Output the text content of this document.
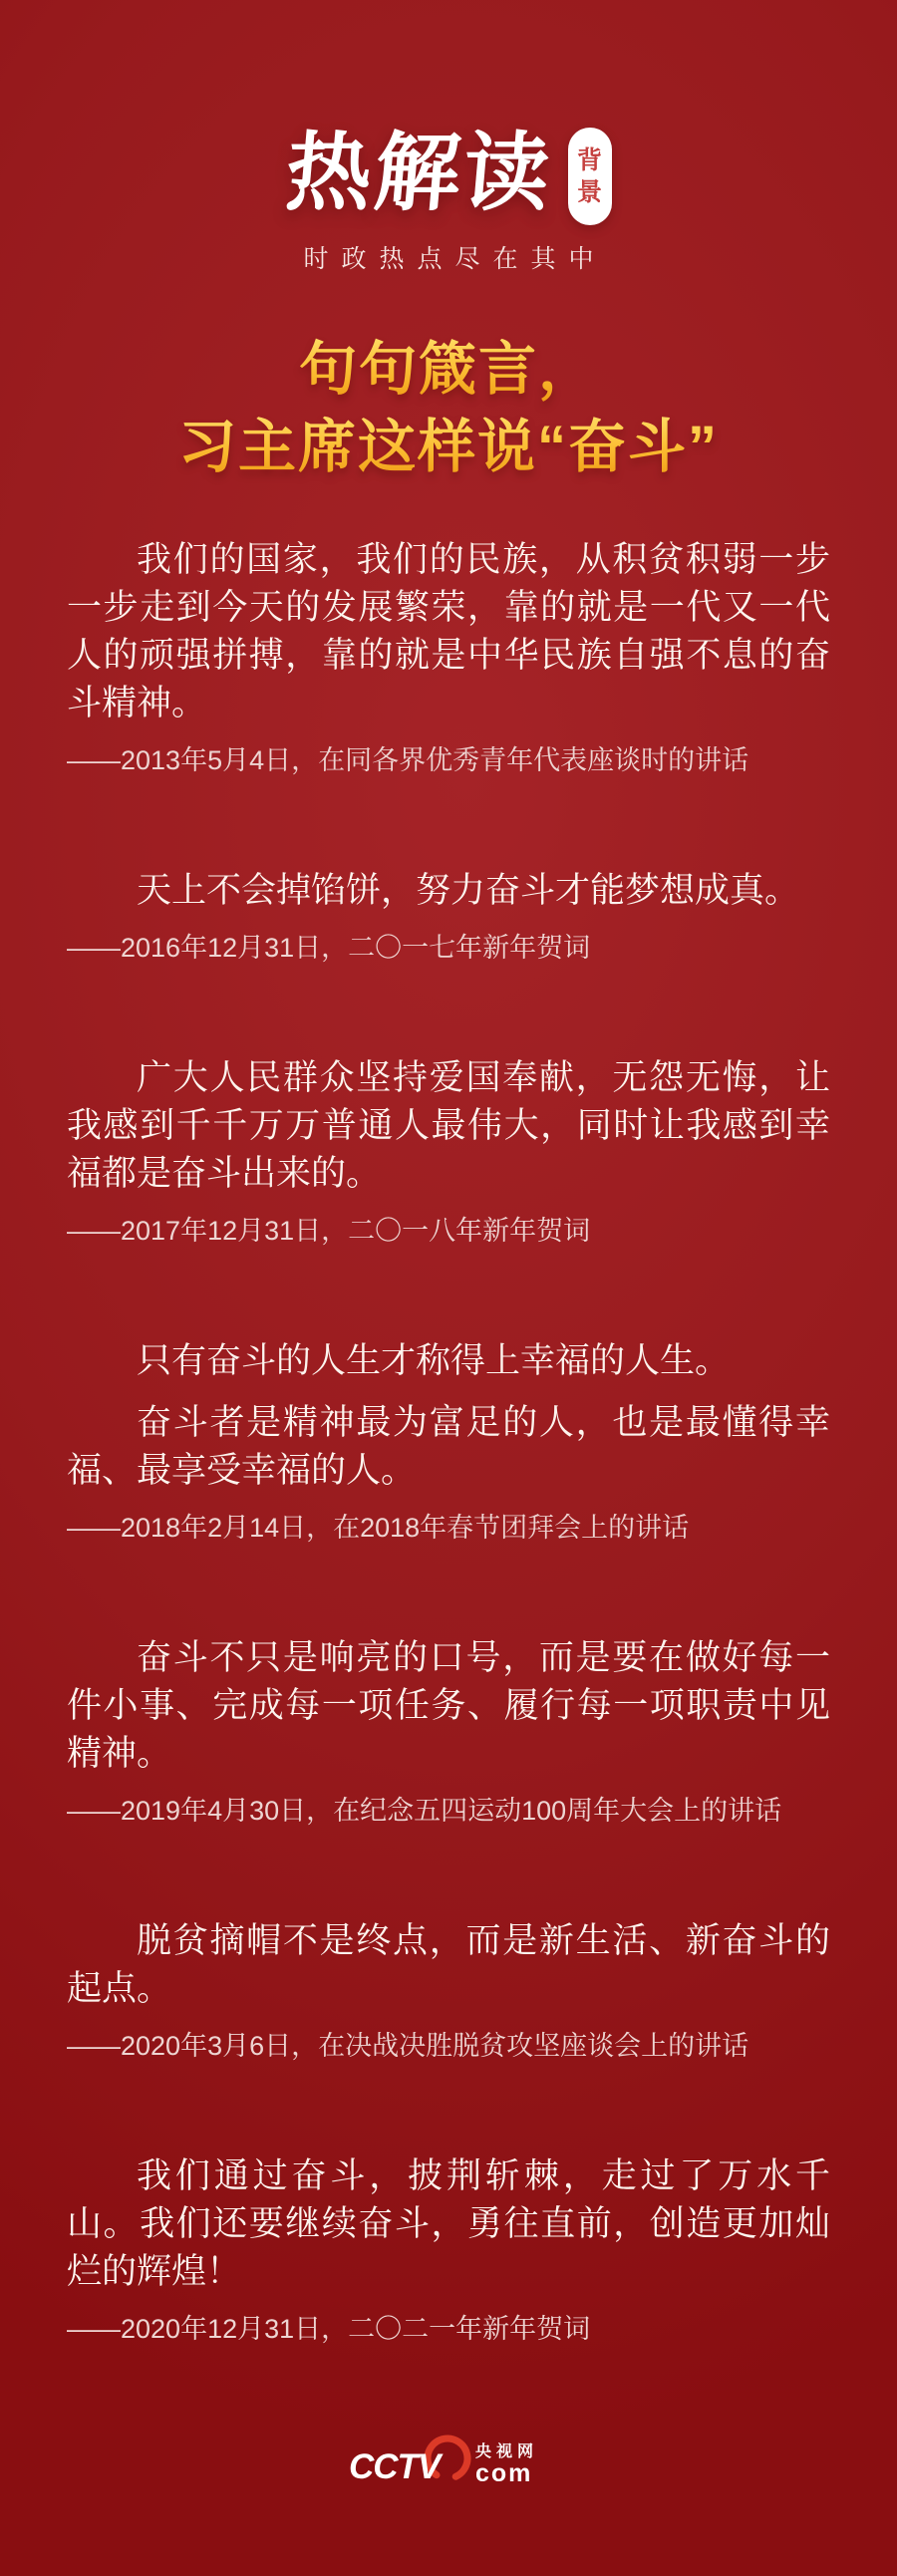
热解读 背
景
时政热点尽在其中
句句箴言，
习主席这样说“奋斗”

我们的国家，我们的民族，从积贫积弱一步一步走到今天的发展繁荣，靠的就是一代又一代人的顽强拼搏，靠的就是中华民族自强不息的奋斗精神。

——2013年5月4日，在同各界优秀青年代表座谈时的讲话

天上不会掉馅饼，努力奋斗才能梦想成真。

——2016年12月31日，二〇一七年新年贺词

广大人民群众坚持爱国奉献，无怨无悔，让我感到千千万万普通人最伟大，同时让我感到幸福都是奋斗出来的。

——2017年12月31日，二〇一八年新年贺词

只有奋斗的人生才称得上幸福的人生。

奋斗者是精神最为富足的人，也是最懂得幸福、最享受幸福的人。

——2018年2月14日，在2018年春节团拜会上的讲话

奋斗不只是响亮的口号，而是要在做好每一件小事、完成每一项任务、履行每一项职责中见精神。

——2019年4月30日，在纪念五四运动100周年大会上的讲话

脱贫摘帽不是终点，而是新生活、新奋斗的起点。

——2020年3月6日，在决战决胜脱贫攻坚座谈会上的讲话

我们通过奋斗，披荆斩棘，走过了万水千山。我们还要继续奋斗，勇往直前，创造更加灿烂的辉煌！

——2020年12月31日，二〇二一年新年贺词

CCTV 央视网
com
